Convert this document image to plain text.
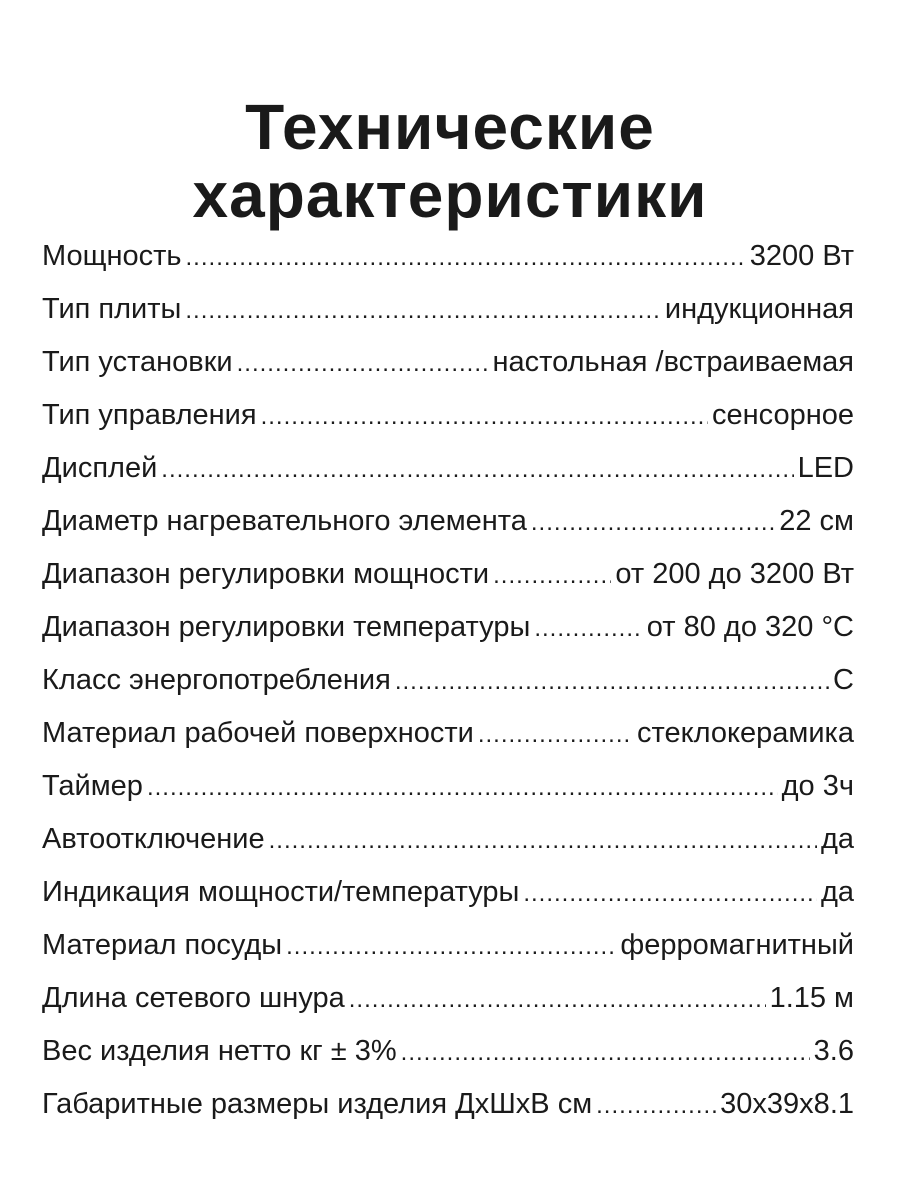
Технические
характеристики
Мощность .....	3200 Вт
Тип плиты .....	индукционная
Тип установки .....	настольная /встраиваемая
Тип управления .....	сенсорное
Дисплей .....	LED
Диаметр нагревательного элемента .....	22 см
Диапазон регулировки мощности .....	от 200 до 3200 Вт
Диапазон регулировки температуры .....	от 80 до 320 °С
Класс энергопотребления .....	С
Материал рабочей поверхности .....	стеклокерамика
Таймер .....	до 3ч
Автоотключение .....	да
Индикация мощности/температуры .....	да
Материал посуды .....	ферромагнитный
Длина сетевого шнура .....	1.15 м
Вес изделия нетто кг ± 3% .....	3.6
Габаритные размеры изделия ДхШхВ см .....	30х39х8.1
